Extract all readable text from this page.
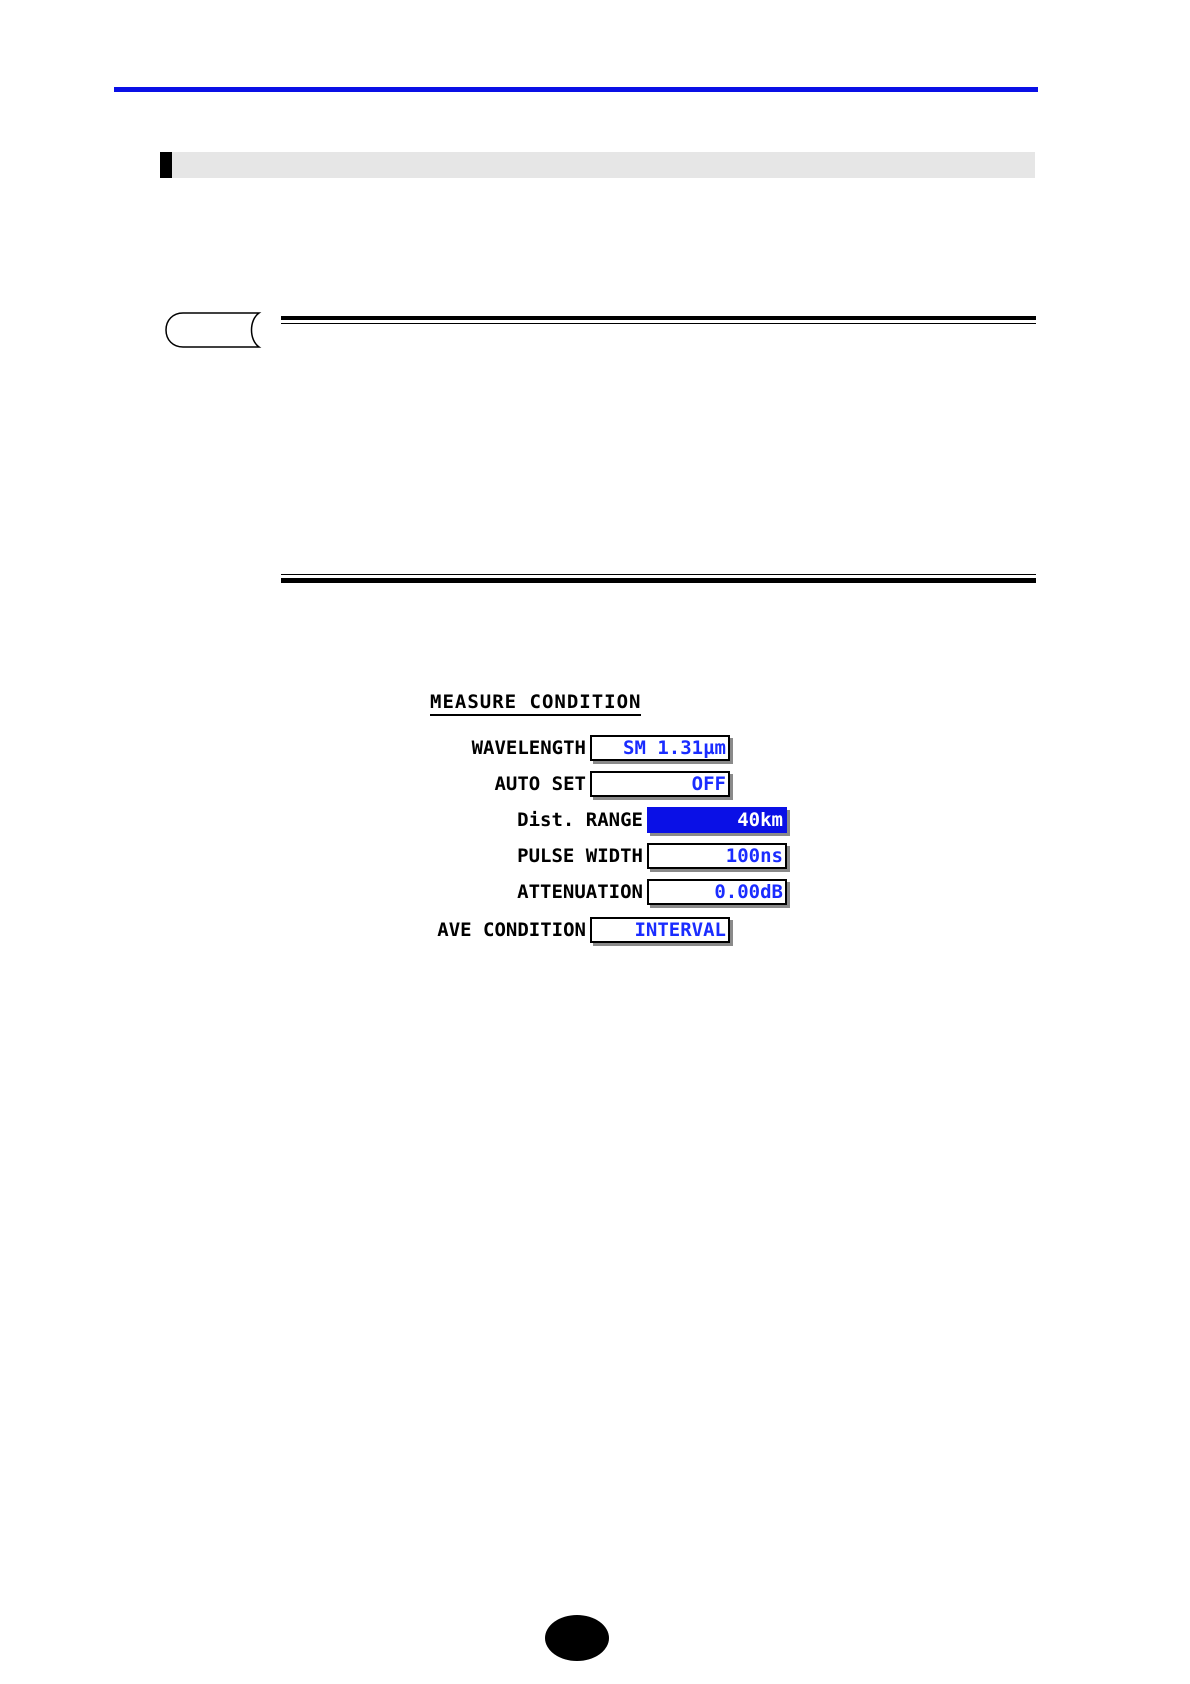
MEASURE CONDITION
WAVELENGTH	SM 1.31µm
AUTO SET	OFF
Dist. RANGE	40km
PULSE WIDTH	100ns
ATTENUATION	0.00dB
AVE CONDITION	INTERVAL
